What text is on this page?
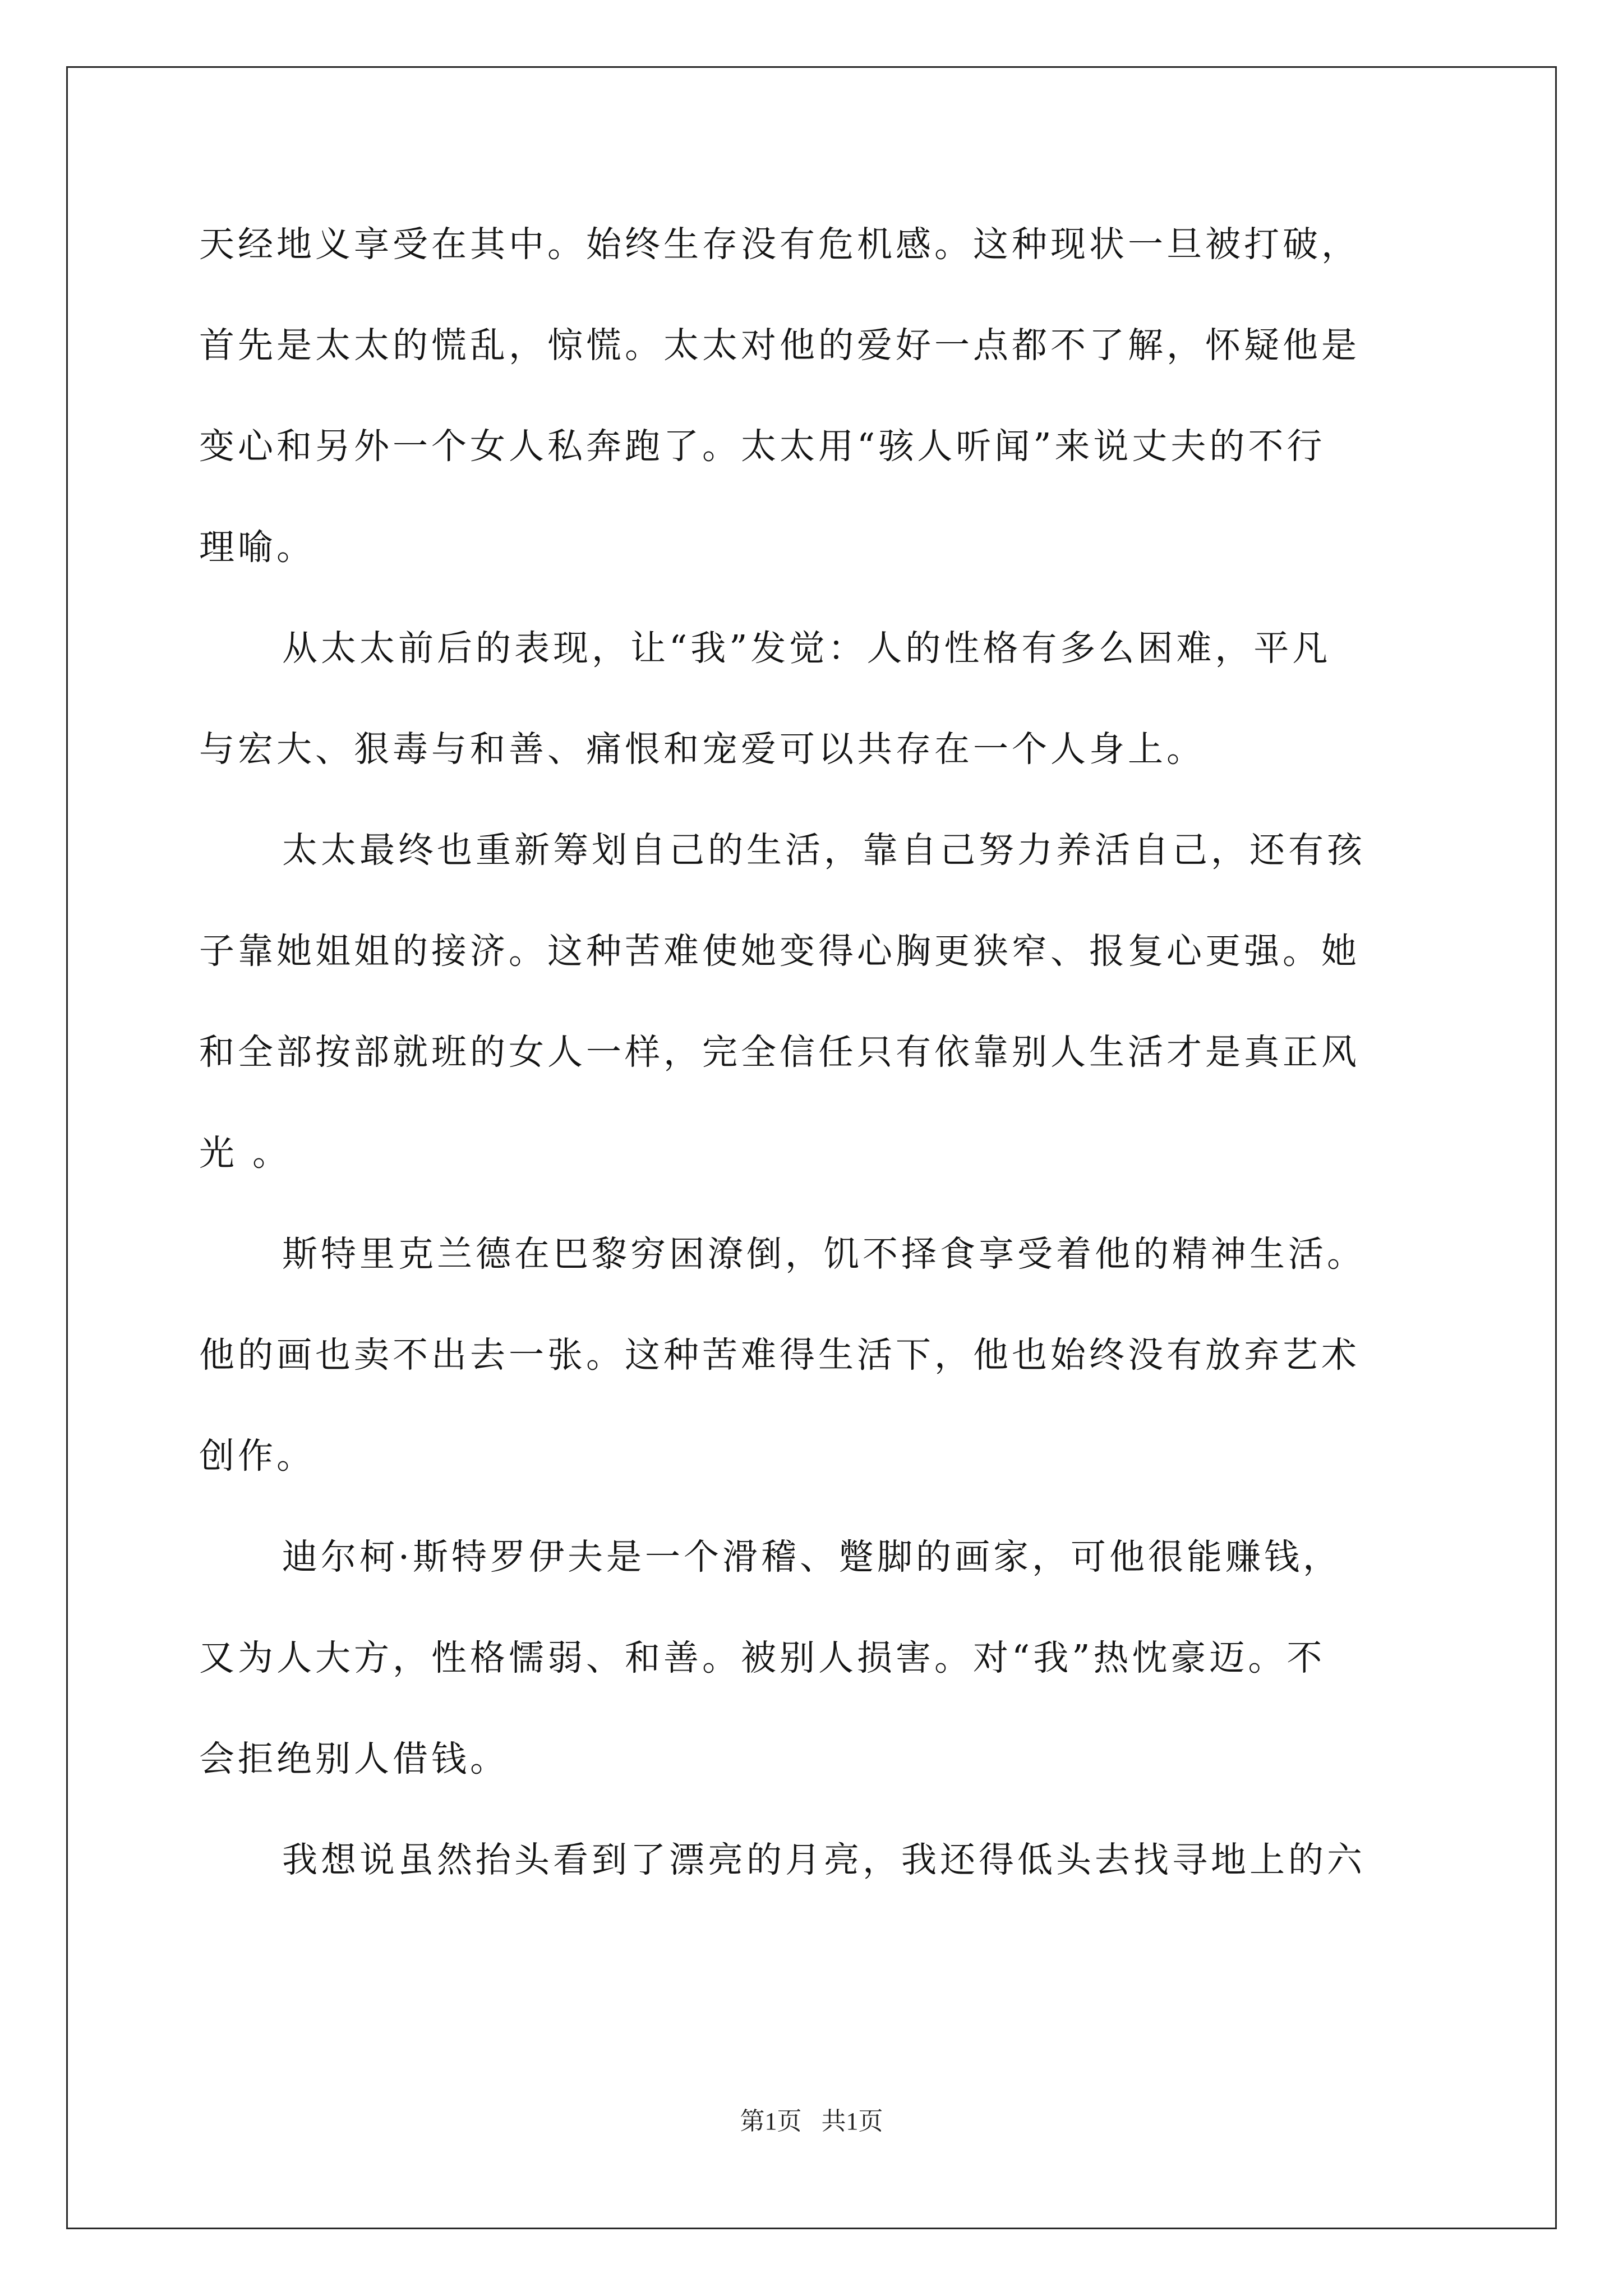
天经地义享受在其中。始终生存没有危机感。这种现状一旦被打破，
首先是太太的慌乱，惊慌。太太对他的爱好一点都不了解，怀疑他是
变心和另外一个女人私奔跑了。太太用“骇人听闻”来说丈夫的不行
理喻。
从太太前后的表现，让“我”发觉：人的性格有多么困难，平凡
与宏大、狠毒与和善、痛恨和宠爱可以共存在一个人身上。
太太最终也重新筹划自己的生活，靠自己努力养活自己，还有孩
子靠她姐姐的接济。这种苦难使她变得心胸更狭窄、报复心更强。她
和全部按部就班的女人一样，完全信任只有依靠别人生活才是真正风
光 。
斯特里克兰德在巴黎穷困潦倒，饥不择食享受着他的精神生活。
他的画也卖不出去一张。这种苦难得生活下，他也始终没有放弃艺术
创作。
迪尔柯·斯特罗伊夫是一个滑稽、蹩脚的画家，可他很能赚钱，
又为人大方，性格懦弱、和善。被别人损害。对“我”热忱豪迈。不
会拒绝别人借钱。
我想说虽然抬头看到了漂亮的月亮，我还得低头去找寻地上的六
第1页 共1页
